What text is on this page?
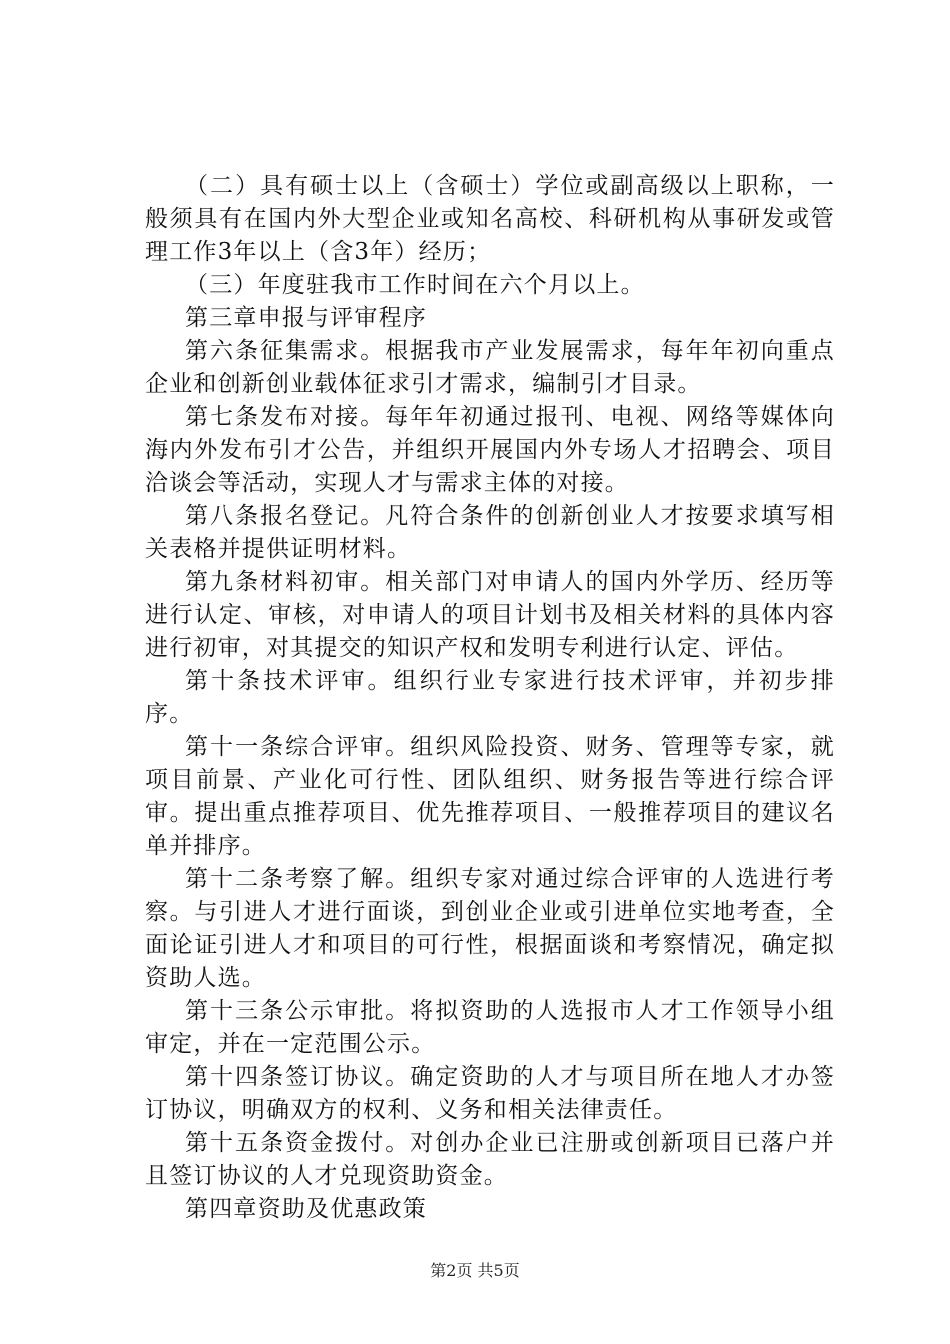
（二）具有硕士以上（含硕士）学位或副高级以上职称，一般须具有在国内外大型企业或知名高校、科研机构从事研发或管理工作3年以上（含3年）经历；

（三）年度驻我市工作时间在六个月以上。

第三章申报与评审程序

第六条征集需求。根据我市产业发展需求，每年年初向重点企业和创新创业载体征求引才需求，编制引才目录。

第七条发布对接。每年年初通过报刊、电视、网络等媒体向海内外发布引才公告，并组织开展国内外专场人才招聘会、项目洽谈会等活动，实现人才与需求主体的对接。

第八条报名登记。凡符合条件的创新创业人才按要求填写相关表格并提供证明材料。

第九条材料初审。相关部门对申请人的国内外学历、经历等进行认定、审核，对申请人的项目计划书及相关材料的具体内容进行初审，对其提交的知识产权和发明专利进行认定、评估。

第十条技术评审。组织行业专家进行技术评审，并初步排序。

第十一条综合评审。组织风险投资、财务、管理等专家，就项目前景、产业化可行性、团队组织、财务报告等进行综合评审。提出重点推荐项目、优先推荐项目、一般推荐项目的建议名单并排序。

第十二条考察了解。组织专家对通过综合评审的人选进行考察。与引进人才进行面谈，到创业企业或引进单位实地考查，全面论证引进人才和项目的可行性，根据面谈和考察情况，确定拟资助人选。

第十三条公示审批。将拟资助的人选报市人才工作领导小组审定，并在一定范围公示。

第十四条签订协议。确定资助的人才与项目所在地人才办签订协议，明确双方的权利、义务和相关法律责任。

第十五条资金拨付。对创办企业已注册或创新项目已落户并且签订协议的人才兑现资助资金。

第四章资助及优惠政策

第2页 共5页
